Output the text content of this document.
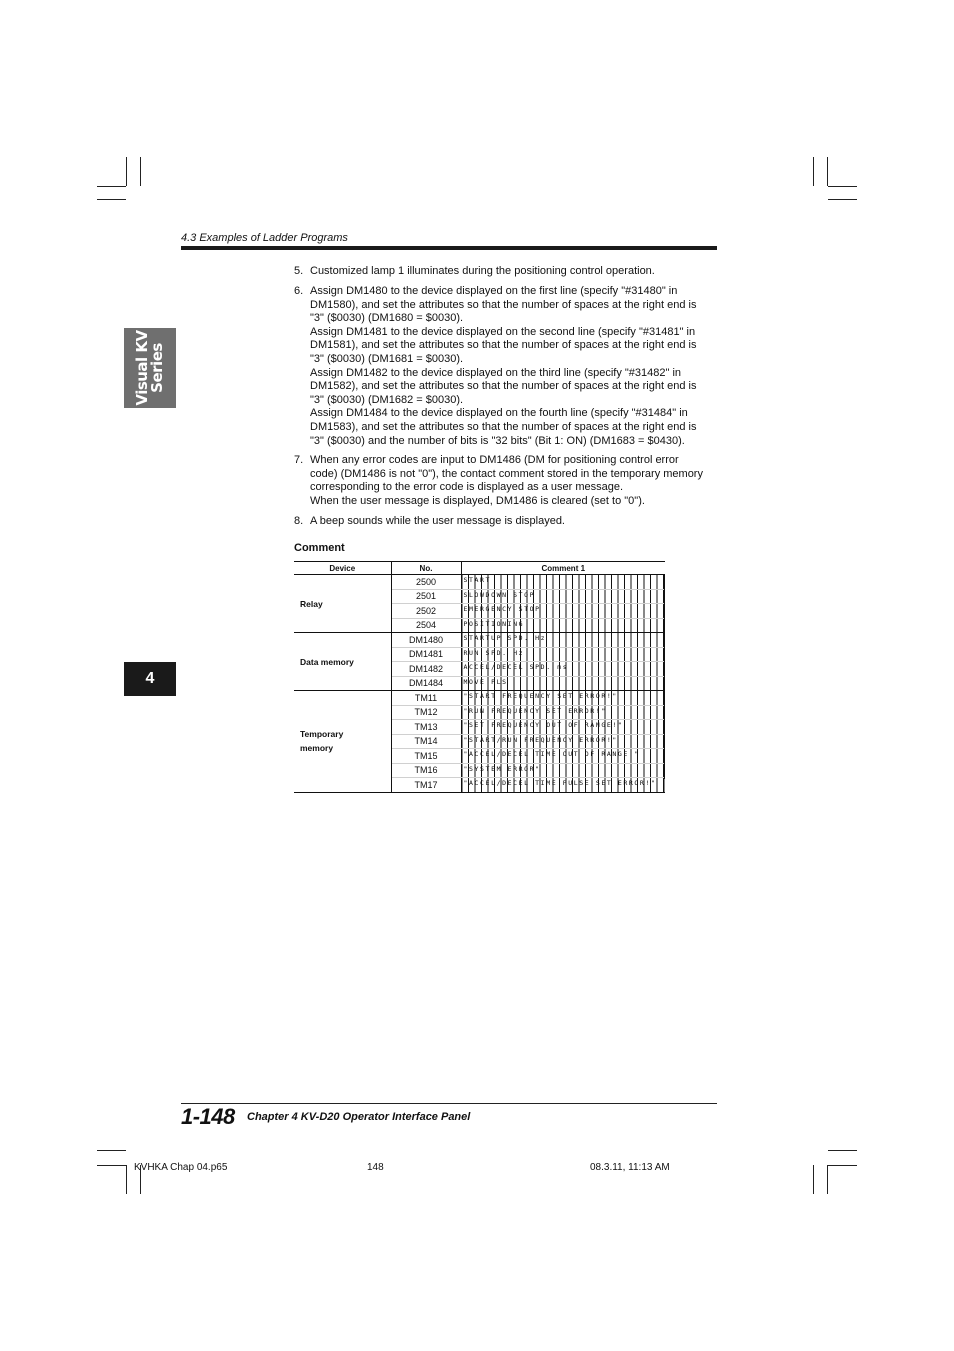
4.3 Examples of Ladder Programs
Visual KV
Series
4
5. Customized lamp 1 illuminates during the positioning control operation.
6. Assign DM1480 to the device displayed on the first line (specify "#31480" in
DM1580), and set the attributes so that the number of spaces at the right end is
"3" ($0030) (DM1680 = $0030).
Assign DM1481 to the device displayed on the second line (specify "#31481" in
DM1581), and set the attributes so that the number of spaces at the right end is
"3" ($0030) (DM1681 = $0030).
Assign DM1482 to the device displayed on the third line (specify "#31482" in
DM1582), and set the attributes so that the number of spaces at the right end is
"3" ($0030) (DM1682 = $0030).
Assign DM1484 to the device displayed on the fourth line (specify "#31484" in
DM1583), and set the attributes so that the number of spaces at the right end is
"3" ($0030) and the number of bits is "32 bits" (Bit 1: ON) (DM1683 = $0430).
7. When any error codes are input to DM1486 (DM for positioning control error
code) (DM1486 is not "0"), the contact comment stored in the temporary memory
corresponding to the error code is displayed as a user message.
When the user message is displayed, DM1486 is cleared (set to "0").
8. A beep sounds while the user message is displayed.
Comment
Device	No.	Comment 1
Relay	2500	START

	2501	SLOWDOWN STOP

	2502	EMERGENCY STOP

	2504	POSITIONING

Data memory	DM1480	STARTUP SPD. Hz

	DM1481	RUN SPD. Hz

	DM1482	ACCEL/DECEL SPD. ms

	DM1484	MOVE PLS

Temporary
memory	TM11	"START FREQUENCY SET ERROR!"

	TM12	"RUN FREQUENCY SET ERROR!"

	TM13	"SET FREQUENCY OUT OF RANGE!"

	TM14	"START/RUN FREQUENCY ERROR!"

	TM15	"ACCEL/DECEL TIME OUT OF RANGE!"

	TM16	"SYSTEM ERROR"

	TM17	"ACCEL/DECEL TIME PULSE SET ERROR!"
1-148 Chapter 4 KV-D20 Operator Interface Panel
KVHKA Chap 04.p65	148	08.3.11, 11:13 AM
